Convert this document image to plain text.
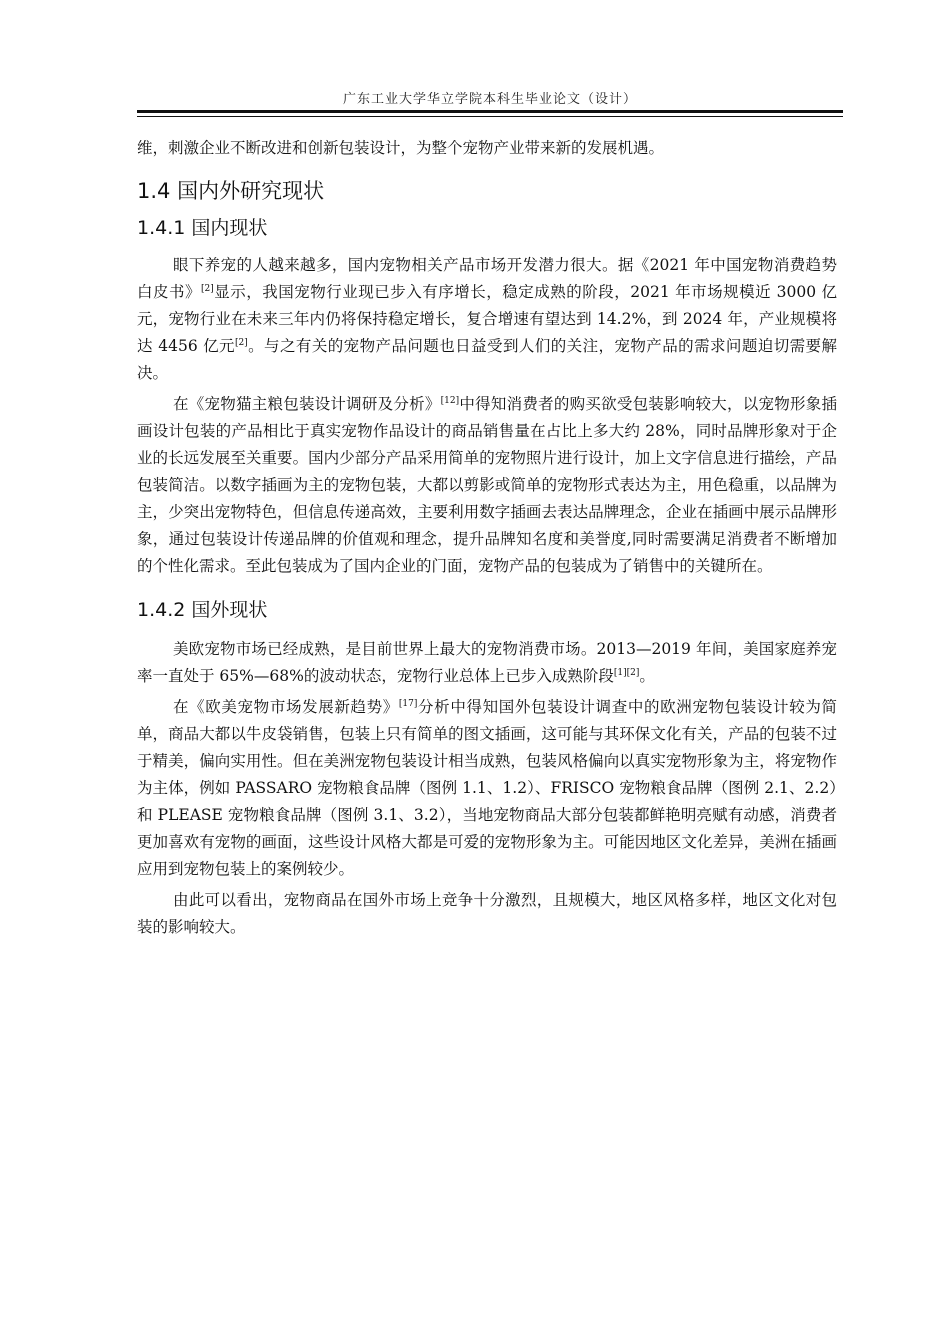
广东工业大学华立学院本科生毕业论文（设计）

维，刺激企业不断改进和创新包装设计，为整个宠物产业带来新的发展机遇。

1.4 国内外研究现状
1.4.1 国内现状

眼下养宠的人越来越多，国内宠物相关产品市场开发潜力很大。据《2021 年中国宠物消费趋势白皮书》[2]显示，我国宠物行业现已步入有序增长，稳定成熟的阶段，2021 年市场规模近 3000 亿元，宠物行业在未来三年内仍将保持稳定增长，复合增速有望达到 14.2%，到 2024 年，产业规模将达 4456 亿元[2]。与之有关的宠物产品问题也日益受到人们的关注，宠物产品的需求问题迫切需要解决。

在《宠物猫主粮包装设计调研及分析》[12]中得知消费者的购买欲受包装影响较大，以宠物形象插画设计包装的产品相比于真实宠物作品设计的商品销售量在占比上多大约 28%，同时品牌形象对于企业的长远发展至关重要。国内少部分产品采用简单的宠物照片进行设计，加上文字信息进行描绘，产品包装简洁。以数字插画为主的宠物包装，大都以剪影或简单的宠物形式表达为主，用色稳重，以品牌为主，少突出宠物特色，但信息传递高效，主要利用数字插画去表达品牌理念，企业在插画中展示品牌形象，通过包装设计传递品牌的价值观和理念，提升品牌知名度和美誉度,同时需要满足消费者不断增加的个性化需求。至此包装成为了国内企业的门面，宠物产品的包装成为了销售中的关键所在。

1.4.2 国外现状

美欧宠物市场已经成熟，是目前世界上最大的宠物消费市场。2013—2019 年间，美国家庭养宠率一直处于 65%—68%的波动状态，宠物行业总体上已步入成熟阶段[1][2]。

在《欧美宠物市场发展新趋势》[17]分析中得知国外包装设计调查中的欧洲宠物包装设计较为简单，商品大都以牛皮袋销售，包装上只有简单的图文插画，这可能与其环保文化有关，产品的包装不过于精美，偏向实用性。但在美洲宠物包装设计相当成熟，包装风格偏向以真实宠物形象为主，将宠物作为主体，例如 PASSARO 宠物粮食品牌（图例 1.1、1.2）、FRISCO 宠物粮食品牌（图例 2.1、2.2）和 PLEASE 宠物粮食品牌（图例 3.1、3.2），当地宠物商品大部分包装都鲜艳明亮赋有动感，消费者更加喜欢有宠物的画面，这些设计风格大都是可爱的宠物形象为主。可能因地区文化差异，美洲在插画应用到宠物包装上的案例较少。

由此可以看出，宠物商品在国外市场上竞争十分激烈，且规模大，地区风格多样，地区文化对包装的影响较大。
